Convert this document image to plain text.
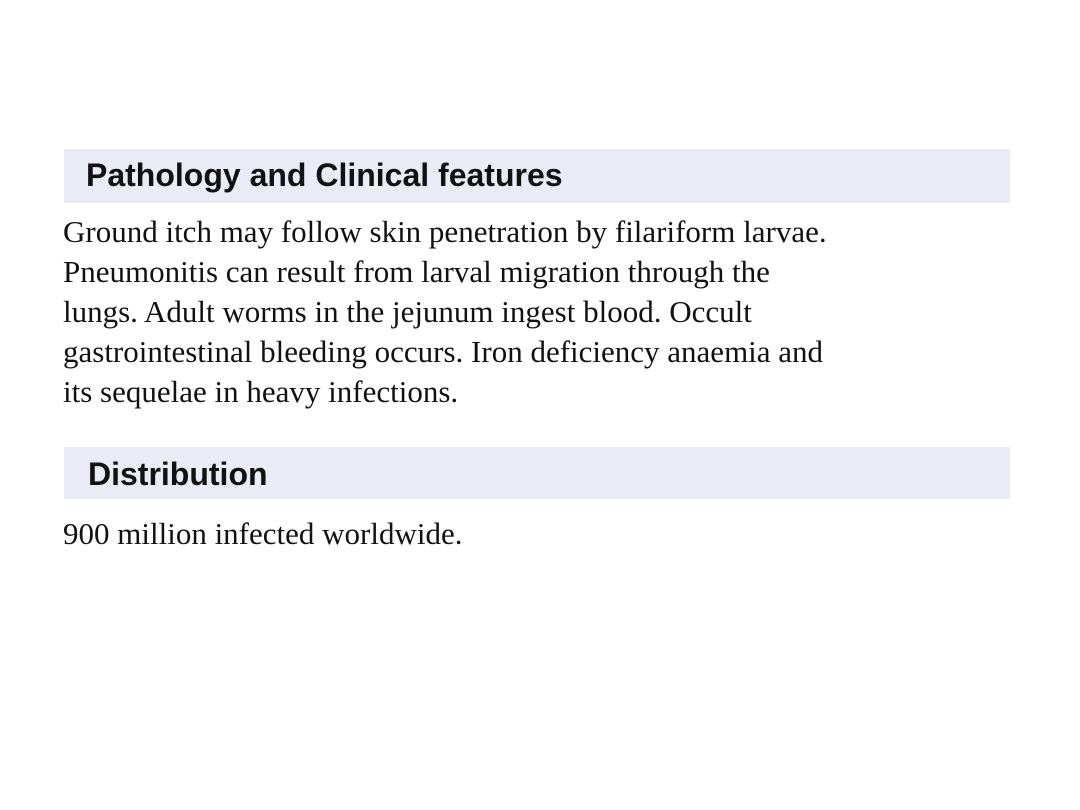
Pathology and Clinical features
Ground itch may follow skin penetration by filariform larvae.
Pneumonitis can result from larval migration through the
lungs. Adult worms in the jejunum ingest blood. Occult
gastrointestinal bleeding occurs. Iron deficiency anaemia and
its sequelae in heavy infections.
Distribution
900 million infected worldwide.
